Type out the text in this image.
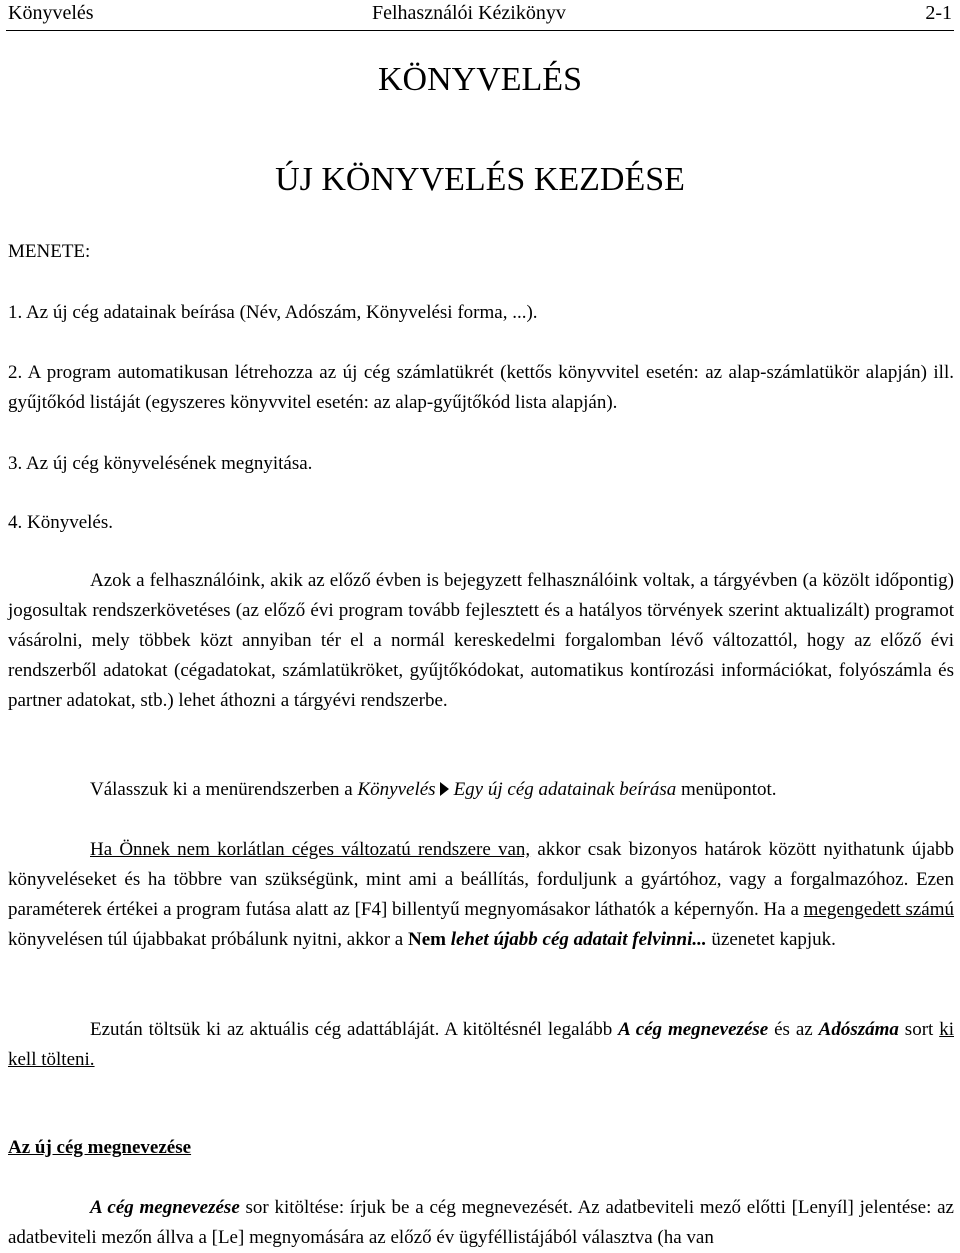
Könyvelés	Felhasználói Kézikönyv	2-1
KÖNYVELÉS
ÚJ KÖNYVELÉS KEZDÉSE
MENETE:
1. Az új cég adatainak beírása (Név, Adószám, Könyvelési forma, ...).
2. A program automatikusan létrehozza az új cég számlatükrét (kettős könyvvitel esetén: az alap-számlatükör alapján) ill. gyűjtőkód listáját (egyszeres könyvvitel esetén: az alap-gyűjtőkód lista alapján).
3. Az új cég könyvelésének megnyitása.
4. Könyvelés.
Azok a felhasználóink, akik az előző évben is bejegyzett felhasználóink voltak, a tárgyévben (a közölt időpontig) jogosultak rendszerkövetéses (az előző évi program tovább fejlesztett és a hatályos törvények szerint aktualizált) programot vásárolni, mely többek közt annyiban tér el a normál kereskedelmi forgalomban lévő változattól, hogy az előző évi rendszerből adatokat (cégadatokat, számlatükröket, gyűjtőkódokat, automatikus kontírozási információkat, folyószámla és partner adatokat, stb.) lehet áthozni a tárgyévi rendszerbe.
Válasszuk ki a menürendszerben a Könyvelés Egy új cég adatainak beírása menüpontot.
Ha Önnek nem korlátlan céges változatú rendszere van, akkor csak bizonyos határok között nyithatunk újabb könyveléseket és ha többre van szükségünk, mint ami a beállítás, forduljunk a gyártóhoz, vagy a forgalmazóhoz. Ezen paraméterek értékei a program futása alatt az [F4] billentyű megnyomásakor láthatók a képernyőn. Ha a megengedett számú könyvelésen túl újabbakat próbálunk nyitni, akkor a Nem lehet újabb cég adatait felvinni... üzenetet kapjuk.
Ezután töltsük ki az aktuális cég adattábláját. A kitöltésnél legalább A cég megnevezése és az Adószáma sort ki kell tölteni.
Az új cég megnevezése
A cég megnevezése sor kitöltése: írjuk be a cég megnevezését. Az adatbeviteli mező előtti [Lenyíl] jelentése: az adatbeviteli mezőn állva a [Le] megnyomására az előző év ügyféllistájából választva (ha van
